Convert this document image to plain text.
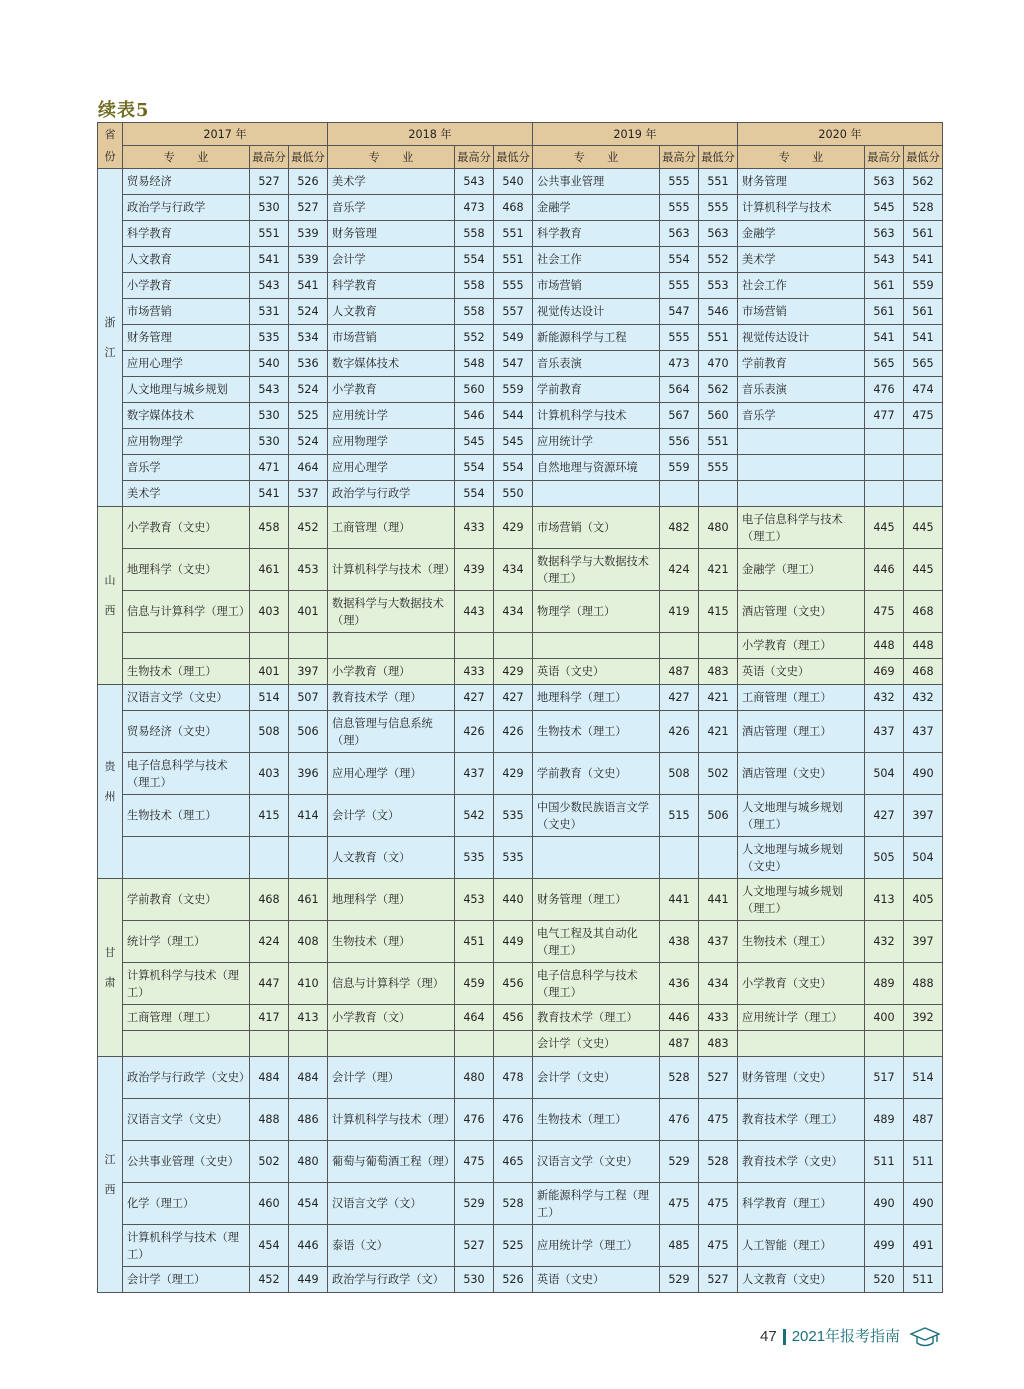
续表5
省份	2017 年			2018 年			2019 年			2020 年		
	专　　业	最高分	最低分	专　　业	最高分	最低分	专　　业	最高分	最低分	专　　业	最高分	最低分
浙江	贸易经济	527	526	美术学	543	540	公共事业管理	555	551	财务管理	563	562
	政治学与行政学	530	527	音乐学	473	468	金融学	555	555	计算机科学与技术	545	528
	科学教育	551	539	财务管理	558	551	科学教育	563	563	金融学	563	561
	人文教育	541	539	会计学	554	551	社会工作	554	552	美术学	543	541
	小学教育	543	541	科学教育	558	555	市场营销	555	553	社会工作	561	559
	市场营销	531	524	人文教育	558	557	视觉传达设计	547	546	市场营销	561	561
	财务管理	535	534	市场营销	552	549	新能源科学与工程	555	551	视觉传达设计	541	541
	应用心理学	540	536	数字媒体技术	548	547	音乐表演	473	470	学前教育	565	565
	人文地理与城乡规划	543	524	小学教育	560	559	学前教育	564	562	音乐表演	476	474
	数字媒体技术	530	525	应用统计学	546	544	计算机科学与技术	567	560	音乐学	477	475
	应用物理学	530	524	应用物理学	545	545	应用统计学	556	551			
	音乐学	471	464	应用心理学	554	554	自然地理与资源环境	559	555			
	美术学	541	537	政治学与行政学	554	550						
山西	小学教育（文史）	458	452	工商管理（理）	433	429	市场营销（文）	482	480	电子信息科学与技术（理工）	445	445
	地理科学（文史）	461	453	计算机科学与技术（理）	439	434	数据科学与大数据技术（理工）	424	421	金融学（理工）	446	445
	信息与计算科学（理工）	403	401	数据科学与大数据技术（理）	443	434	物理学（理工）	419	415	酒店管理（文史）	475	468
										小学教育（理工）	448	448
	生物技术（理工）	401	397	小学教育（理）	433	429	英语（文史）	487	483	英语（文史）	469	468
贵州	汉语言文学（文史）	514	507	教育技术学（理）	427	427	地理科学（理工）	427	421	工商管理（理工）	432	432
	贸易经济（文史）	508	506	信息管理与信息系统（理）	426	426	生物技术（理工）	426	421	酒店管理（理工）	437	437
	电子信息科学与技术（理工）	403	396	应用心理学（理）	437	429	学前教育（文史）	508	502	酒店管理（文史）	504	490
	生物技术（理工）	415	414	会计学（文）	542	535	中国少数民族语言文学（文史）	515	506	人文地理与城乡规划（理工）	427	397
				人文教育（文）	535	535				人文地理与城乡规划（文史）	505	504
甘肃	学前教育（文史）	468	461	地理科学（理）	453	440	财务管理（理工）	441	441	人文地理与城乡规划（理工）	413	405
	统计学（理工）	424	408	生物技术（理）	451	449	电气工程及其自动化（理工）	438	437	生物技术（理工）	432	397
	计算机科学与技术（理工）	447	410	信息与计算科学（理）	459	456	电子信息科学与技术（理工）	436	434	小学教育（文史）	489	488
	工商管理（理工）	417	413	小学教育（文）	464	456	教育技术学（理工）	446	433	应用统计学（理工）	400	392
							会计学（文史）	487	483			
江西	政治学与行政学（文史）	484	484	会计学（理）	480	478	会计学（文史）	528	527	财务管理（文史）	517	514
	汉语言文学（文史）	488	486	计算机科学与技术（理）	476	476	生物技术（理工）	476	475	教育技术学（理工）	489	487
	公共事业管理（文史）	502	480	葡萄与葡萄酒工程（理）	475	465	汉语言文学（文史）	529	528	教育技术学（文史）	511	511
	化学（理工）	460	454	汉语言文学（文）	529	528	新能源科学与工程（理工）	475	475	科学教育（理工）	490	490
	计算机科学与技术（理工）	454	446	泰语（文）	527	525	应用统计学（理工）	485	475	人工智能（理工）	499	491
	会计学（理工）	452	449	政治学与行政学（文）	530	526	英语（文史）	529	527	人文教育（文史）	520	511
47 2021年报考指南
